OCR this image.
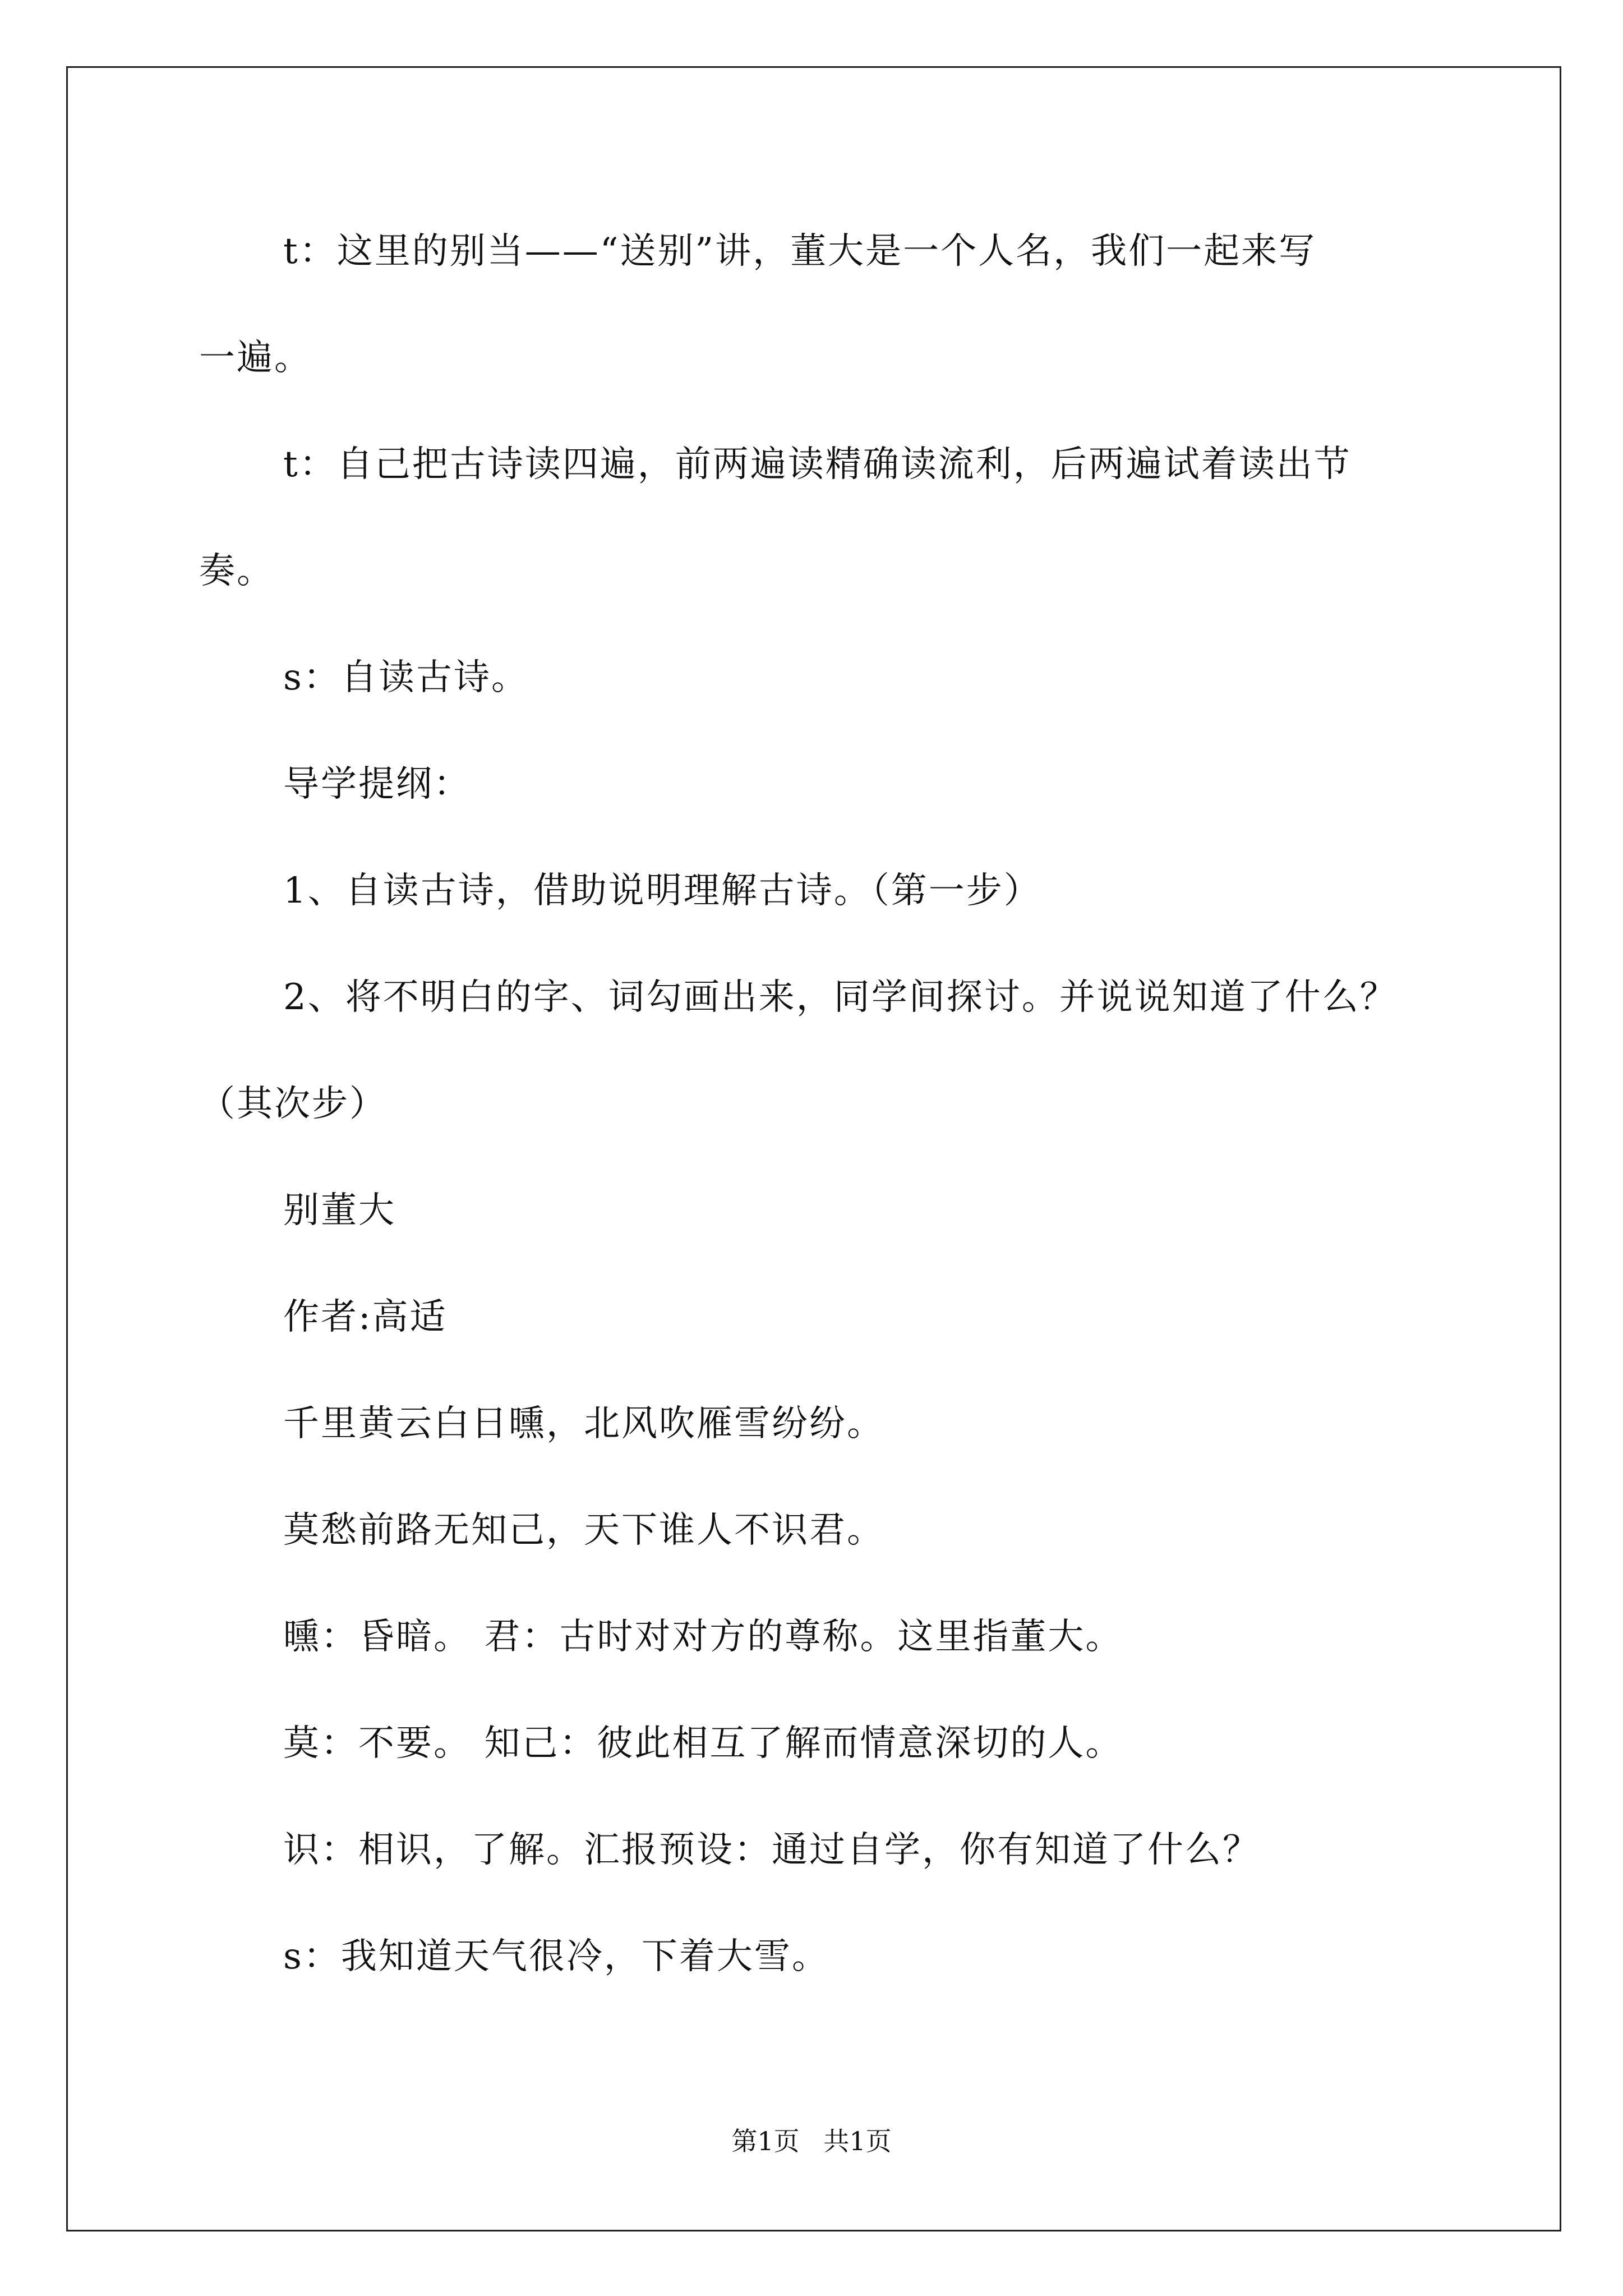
t：这里的别当——“送别”讲，董大是一个人名，我们一起来写
一遍。
t：自己把古诗读四遍，前两遍读精确读流利，后两遍试着读出节
奏。
s：自读古诗。
导学提纲：
1、自读古诗，借助说明理解古诗。（第一步）
2、将不明白的字、词勾画出来，同学间探讨。并说说知道了什么？
（其次步）
别董大
作者:高适
千里黄云白日曛，北风吹雁雪纷纷。
莫愁前路无知己，天下谁人不识君。
曛：昏暗。 君：古时对对方的尊称。这里指董大。
莫：不要。 知己：彼此相互了解而情意深切的人。
识：相识，了解。汇报预设：通过自学，你有知道了什么？
s：我知道天气很冷，下着大雪。
第1页 共1页
